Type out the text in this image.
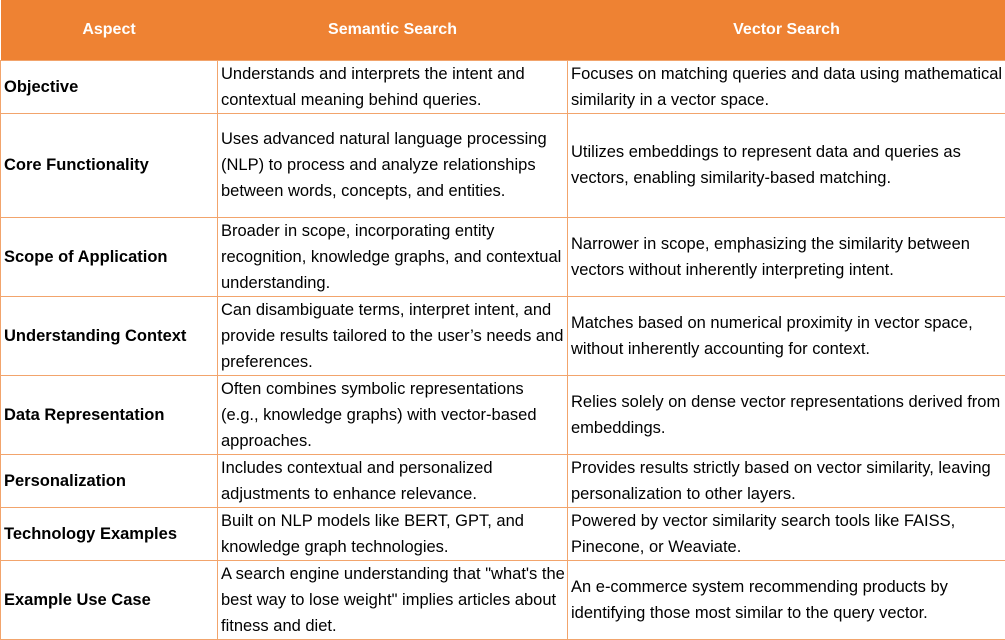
Aspect	Semantic Search	Vector Search
Objective	Understands and interprets the intent and contextual meaning behind queries.	Focuses on matching queries and data using mathematical similarity in a vector space.
Core Functionality	Uses advanced natural language processing (NLP) to process and analyze relationships between words, concepts, and entities.	Utilizes embeddings to represent data and queries as vectors, enabling similarity-based matching.
Scope of Application	Broader in scope, incorporating entity recognition, knowledge graphs, and contextual understanding.	Narrower in scope, emphasizing the similarity between vectors without inherently interpreting intent.
Understanding Context	Can disambiguate terms, interpret intent, and provide results tailored to the user’s needs and preferences.	Matches based on numerical proximity in vector space, without inherently accounting for context.
Data Representation	Often combines symbolic representations (e.g., knowledge graphs) with vector-based approaches.	Relies solely on dense vector representations derived from embeddings.
Personalization	Includes contextual and personalized adjustments to enhance relevance.	Provides results strictly based on vector similarity, leaving personalization to other layers.
Technology Examples	Built on NLP models like BERT, GPT, and knowledge graph technologies.	Powered by vector similarity search tools like FAISS, Pinecone, or Weaviate.
Example Use Case	A search engine understanding that "what's the best way to lose weight" implies articles about fitness and diet.	An e-commerce system recommending products by identifying those most similar to the query vector.
